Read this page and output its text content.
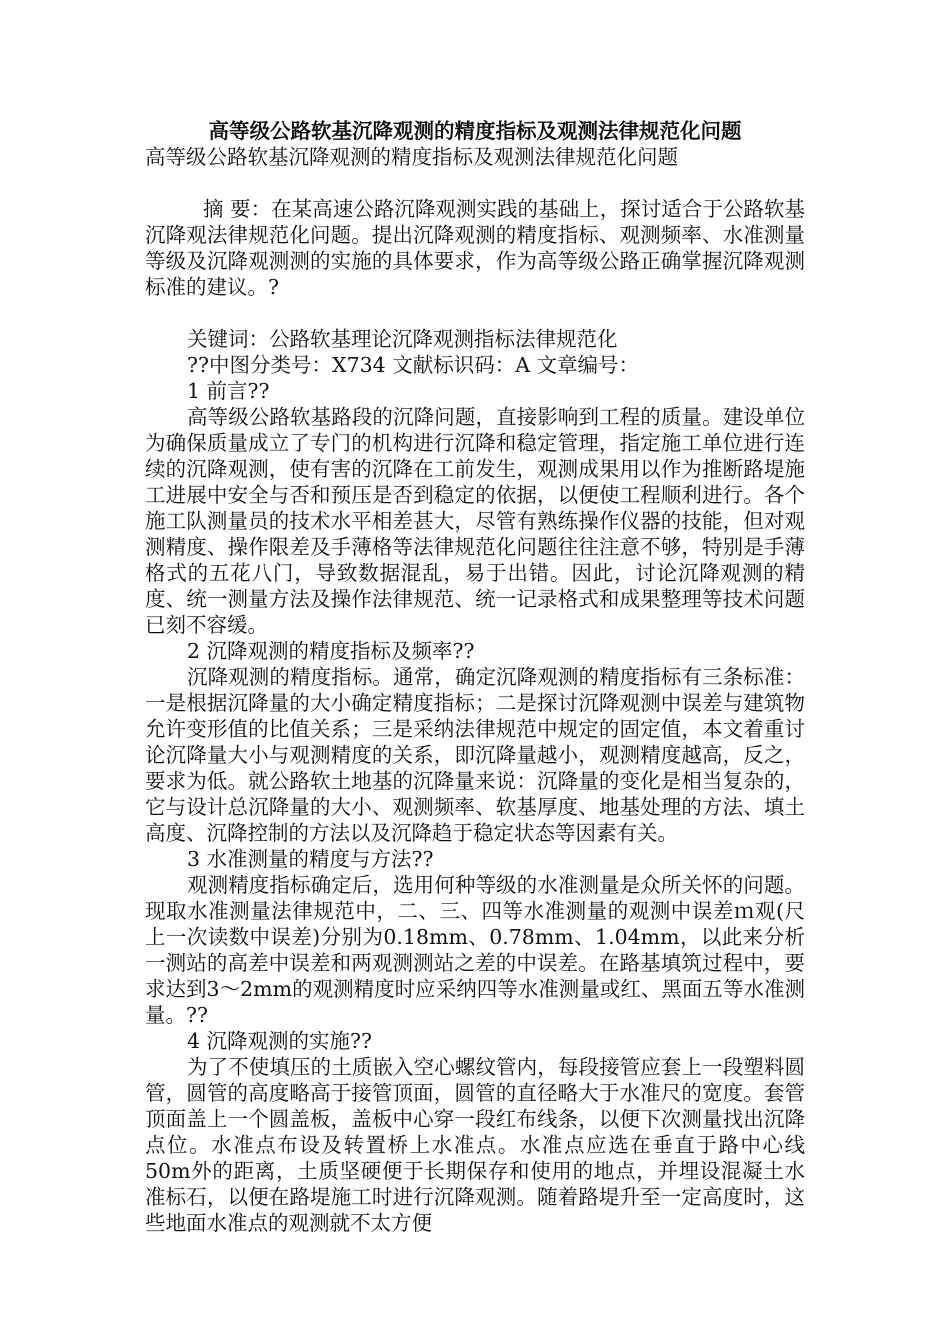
高等级公路软基沉降观测的精度指标及观测法律规范化问题

高等级公路软基沉降观测的精度指标及观测法律规范化问题

摘 要：在某高速公路沉降观测实践的基础上，探讨适合于公路软基沉降观法律规范化问题。提出沉降观测的精度指标、观测频率、水准测量等级及沉降观测测的实施的具体要求，作为高等级公路正确掌握沉降观测标准的建议。?

关键词：公路软基理论沉降观测指标法律规范化

??中图分类号：X734 文献标识码：A 文章编号：

1 前言??

高等级公路软基路段的沉降问题，直接影响到工程的质量。建设单位为确保质量成立了专门的机构进行沉降和稳定管理，指定施工单位进行连续的沉降观测，使有害的沉降在工前发生，观测成果用以作为推断路堤施工进展中安全与否和预压是否到稳定的依据，以便使工程顺利进行。各个施工队测量员的技术水平相差甚大，尽管有熟练操作仪器的技能，但对观测精度、操作限差及手薄格等法律规范化问题往往注意不够，特别是手薄格式的五花八门，导致数据混乱，易于出错。因此，讨论沉降观测的精度、统一测量方法及操作法律规范、统一记录格式和成果整理等技术问题已刻不容缓。

2 沉降观测的精度指标及频率??

沉降观测的精度指标。通常，确定沉降观测的精度指标有三条标准：一是根据沉降量的大小确定精度指标；二是探讨沉降观测中误差与建筑物允许变形值的比值关系；三是采纳法律规范中规定的固定值，本文着重讨论沉降量大小与观测精度的关系，即沉降量越小，观测精度越高，反之，要求为低。就公路软土地基的沉降量来说：沉降量的变化是相当复杂的，它与设计总沉降量的大小、观测频率、软基厚度、地基处理的方法、填土高度、沉降控制的方法以及沉降趋于稳定状态等因素有关。

3 水准测量的精度与方法??

观测精度指标确定后，选用何种等级的水准测量是众所关怀的问题。现取水准测量法律规范中，二、三、四等水准测量的观测中误差ｍ观(尺上一次读数中误差)分别为0.18mm、0.78mm、1.04mm，以此来分析一测站的高差中误差和两观测测站之差的中误差。在路基填筑过程中，要求达到3～2mm的观测精度时应采纳四等水准测量或红、黑面五等水准测量。??

4 沉降观测的实施??

为了不使填压的土质嵌入空心螺纹管内，每段接管应套上一段塑料圆管，圆管的高度略高于接管顶面，圆管的直径略大于水准尺的宽度。套管顶面盖上一个圆盖板，盖板中心穿一段红布线条，以便下次测量找出沉降点位。水准点布设及转置桥上水准点。水准点应选在垂直于路中心线50m外的距离，土质坚硬便于长期保存和使用的地点，并埋设混凝土水准标石，以便在路堤施工时进行沉降观测。随着路堤升至一定高度时，这些地面水准点的观测就不太方便
